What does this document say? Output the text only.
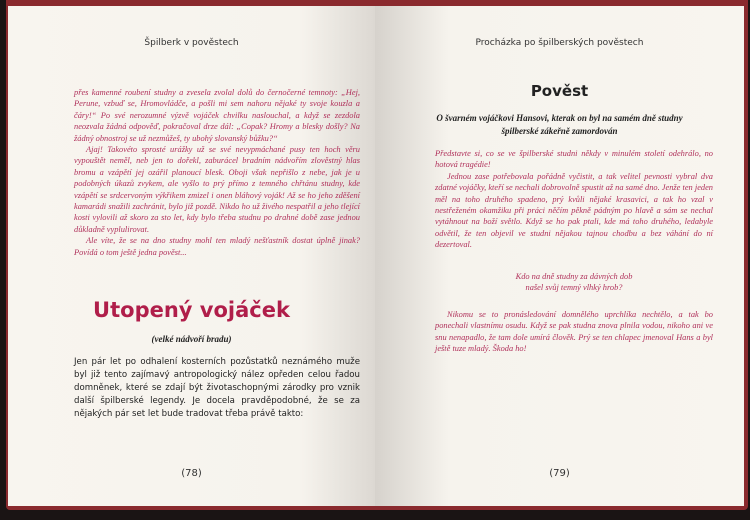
Špilberk v pověstech

přes kamenné roubení studny a zvesela zvolal dolů do černočerné temnoty: „Hej, Perune, vzbuď se, Hromovládče, a pošli mi sem nahoru nějaké ty svoje kouzla a čáry!“ Po své nerozumné výzvě vojáček chvilku naslouchal, a když se zezdola neozvala žádná odpověď, pokračoval drze dál: „Copak? Hromy a blesky došly? Na žádný obnostroj se už nezmůžeš, ty ubohý slovanský bůžku?“

Ajaj! Takovéto sprosté urážky už se své nevypmáchané pusy ten hoch věru vypouštět neměl, neb jen to dořekl, zaburácel bradním nádvořím zlověstný hlas bromu a vzápětí jej ozářil planoucí blesk. Oboji však nepřišlo z nebe, jak je u podobných úkazů zvykem, ale vyšlo to prý přímo z temného chřtánu studny, kde vzápětí se srdcervoným výkřikem zmizel i onen bláhový voják! Až se ho jeho zděšení kamarádi snažili zachránit, bylo již pozdě. Nikdo ho už živého nespatřil a jeho tlející kosti vylovili až skoro za sto let, kdy bylo třeba studnu po drahné době zase jednou důkladně vyplulirovat.

Ale víte, že se na dno studny mohl ten mladý nešťastník dostat úplně jinak? Povídá o tom ještě jedna pověst...

Utopený vojáček
(velké nádvoří bradu)
Jen pár let po odhalení kosterních pozůstatků neznámého muže byl již tento zajímavý antropologický nález opředen celou řadou domněnek, které se zdají být životaschopnými zárodky pro vznik další špilberské legendy. Je docela pravděpodobné, že se za nějakých pár set let bude tradovat třeba právě takto:
(78)
Procházka po špilberských pověstech
Pověst
O švarném vojáčkovi Hansovi, kterak on byl na samém dně studny
špilberské zákeřně zamordován

Představte si, co se ve špilberské studni někdy v minulém století odehrálo, no hotová tragédie!

Jednou zase potřebovala pořádně vyčistit, a tak velitel pevnosti vybral dva zdatné vojáčky, kteří se nechali dobrovolně spustit až na samé dno. Jenže ten jeden měl na toho druhého spadeno, prý kvůli nějaké krasavici, a tak ho vzal v nestřeženém okamžiku při práci něčím pěkně pádným po hlavě a sám se nechal vytáhnout na boží světlo. Když se ho pak ptali, kde má toho druhého, ledabyle odvětil, že ten objevil ve studni nějakou tajnou chodbu a bez váhání do ní dezertoval.

Kdo na dně studny za dávných dob
našel svůj temný vlhký hrob?

Nikomu se to pronásledování domnělého uprchlíka nechtělo, a tak bo ponechali vlastnímu osudu. Když se pak studna znova plnila vodou, nikoho ani ve snu nenapadlo, že tam dole umírá člověk. Prý se ten chlapec jmenoval Hans a byl ještě tuze mladý. Škoda ho!

(79)
